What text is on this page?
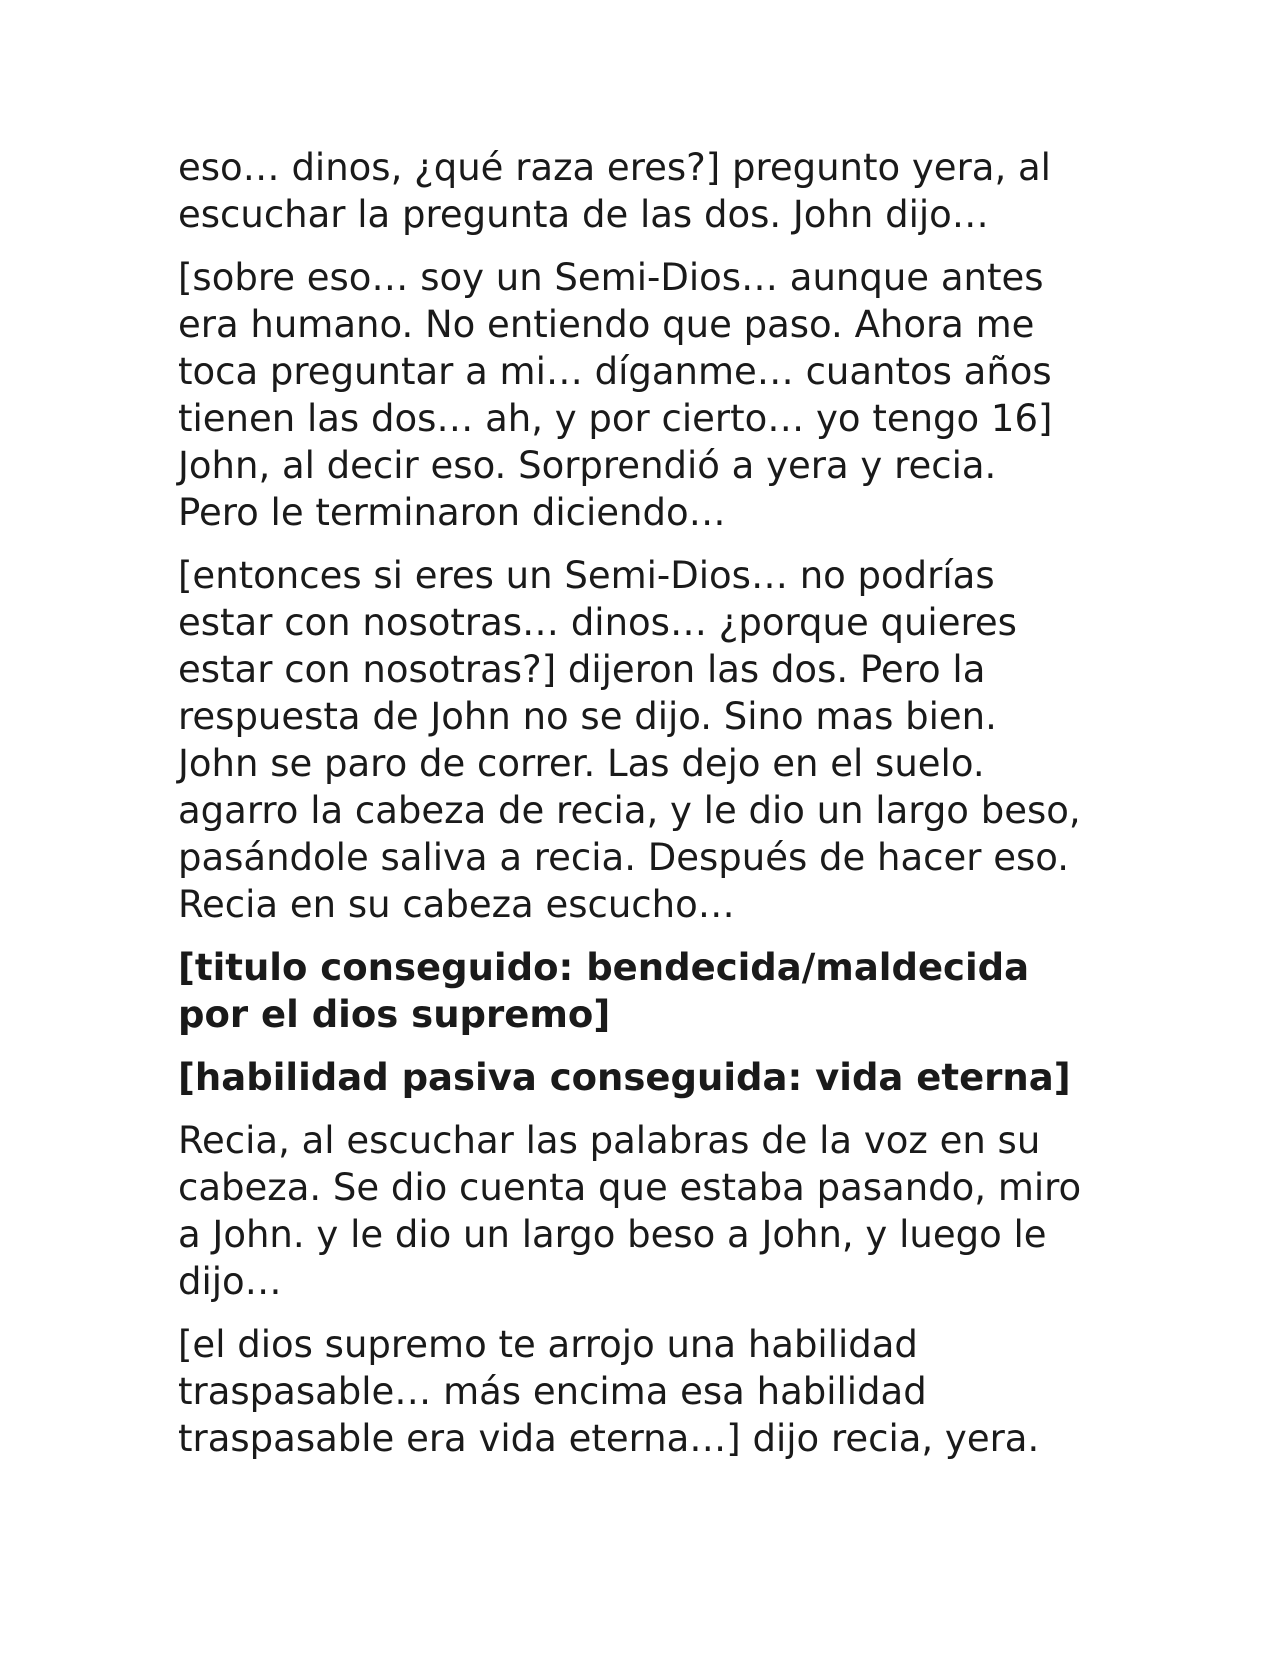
eso… dinos, ¿qué raza eres?] pregunto yera, al
escuchar la pregunta de las dos. John dijo…

[sobre eso… soy un Semi-Dios… aunque antes
era humano. No entiendo que paso. Ahora me
toca preguntar a mi… díganme… cuantos años
tienen las dos… ah, y por cierto… yo tengo 16]
John, al decir eso. Sorprendió a yera y recia.
Pero le terminaron diciendo…

[entonces si eres un Semi-Dios… no podrías
estar con nosotras… dinos… ¿porque quieres
estar con nosotras?] dijeron las dos. Pero la
respuesta de John no se dijo. Sino mas bien.
John se paro de correr. Las dejo en el suelo.
agarro la cabeza de recia, y le dio un largo beso,
pasándole saliva a recia. Después de hacer eso.
Recia en su cabeza escucho…

[titulo conseguido: bendecida/maldecida
por el dios supremo]

[habilidad pasiva conseguida: vida eterna]

Recia, al escuchar las palabras de la voz en su
cabeza. Se dio cuenta que estaba pasando, miro
a John. y le dio un largo beso a John, y luego le
dijo…

[el dios supremo te arrojo una habilidad
traspasable… más encima esa habilidad
traspasable era vida eterna…] dijo recia, yera.
